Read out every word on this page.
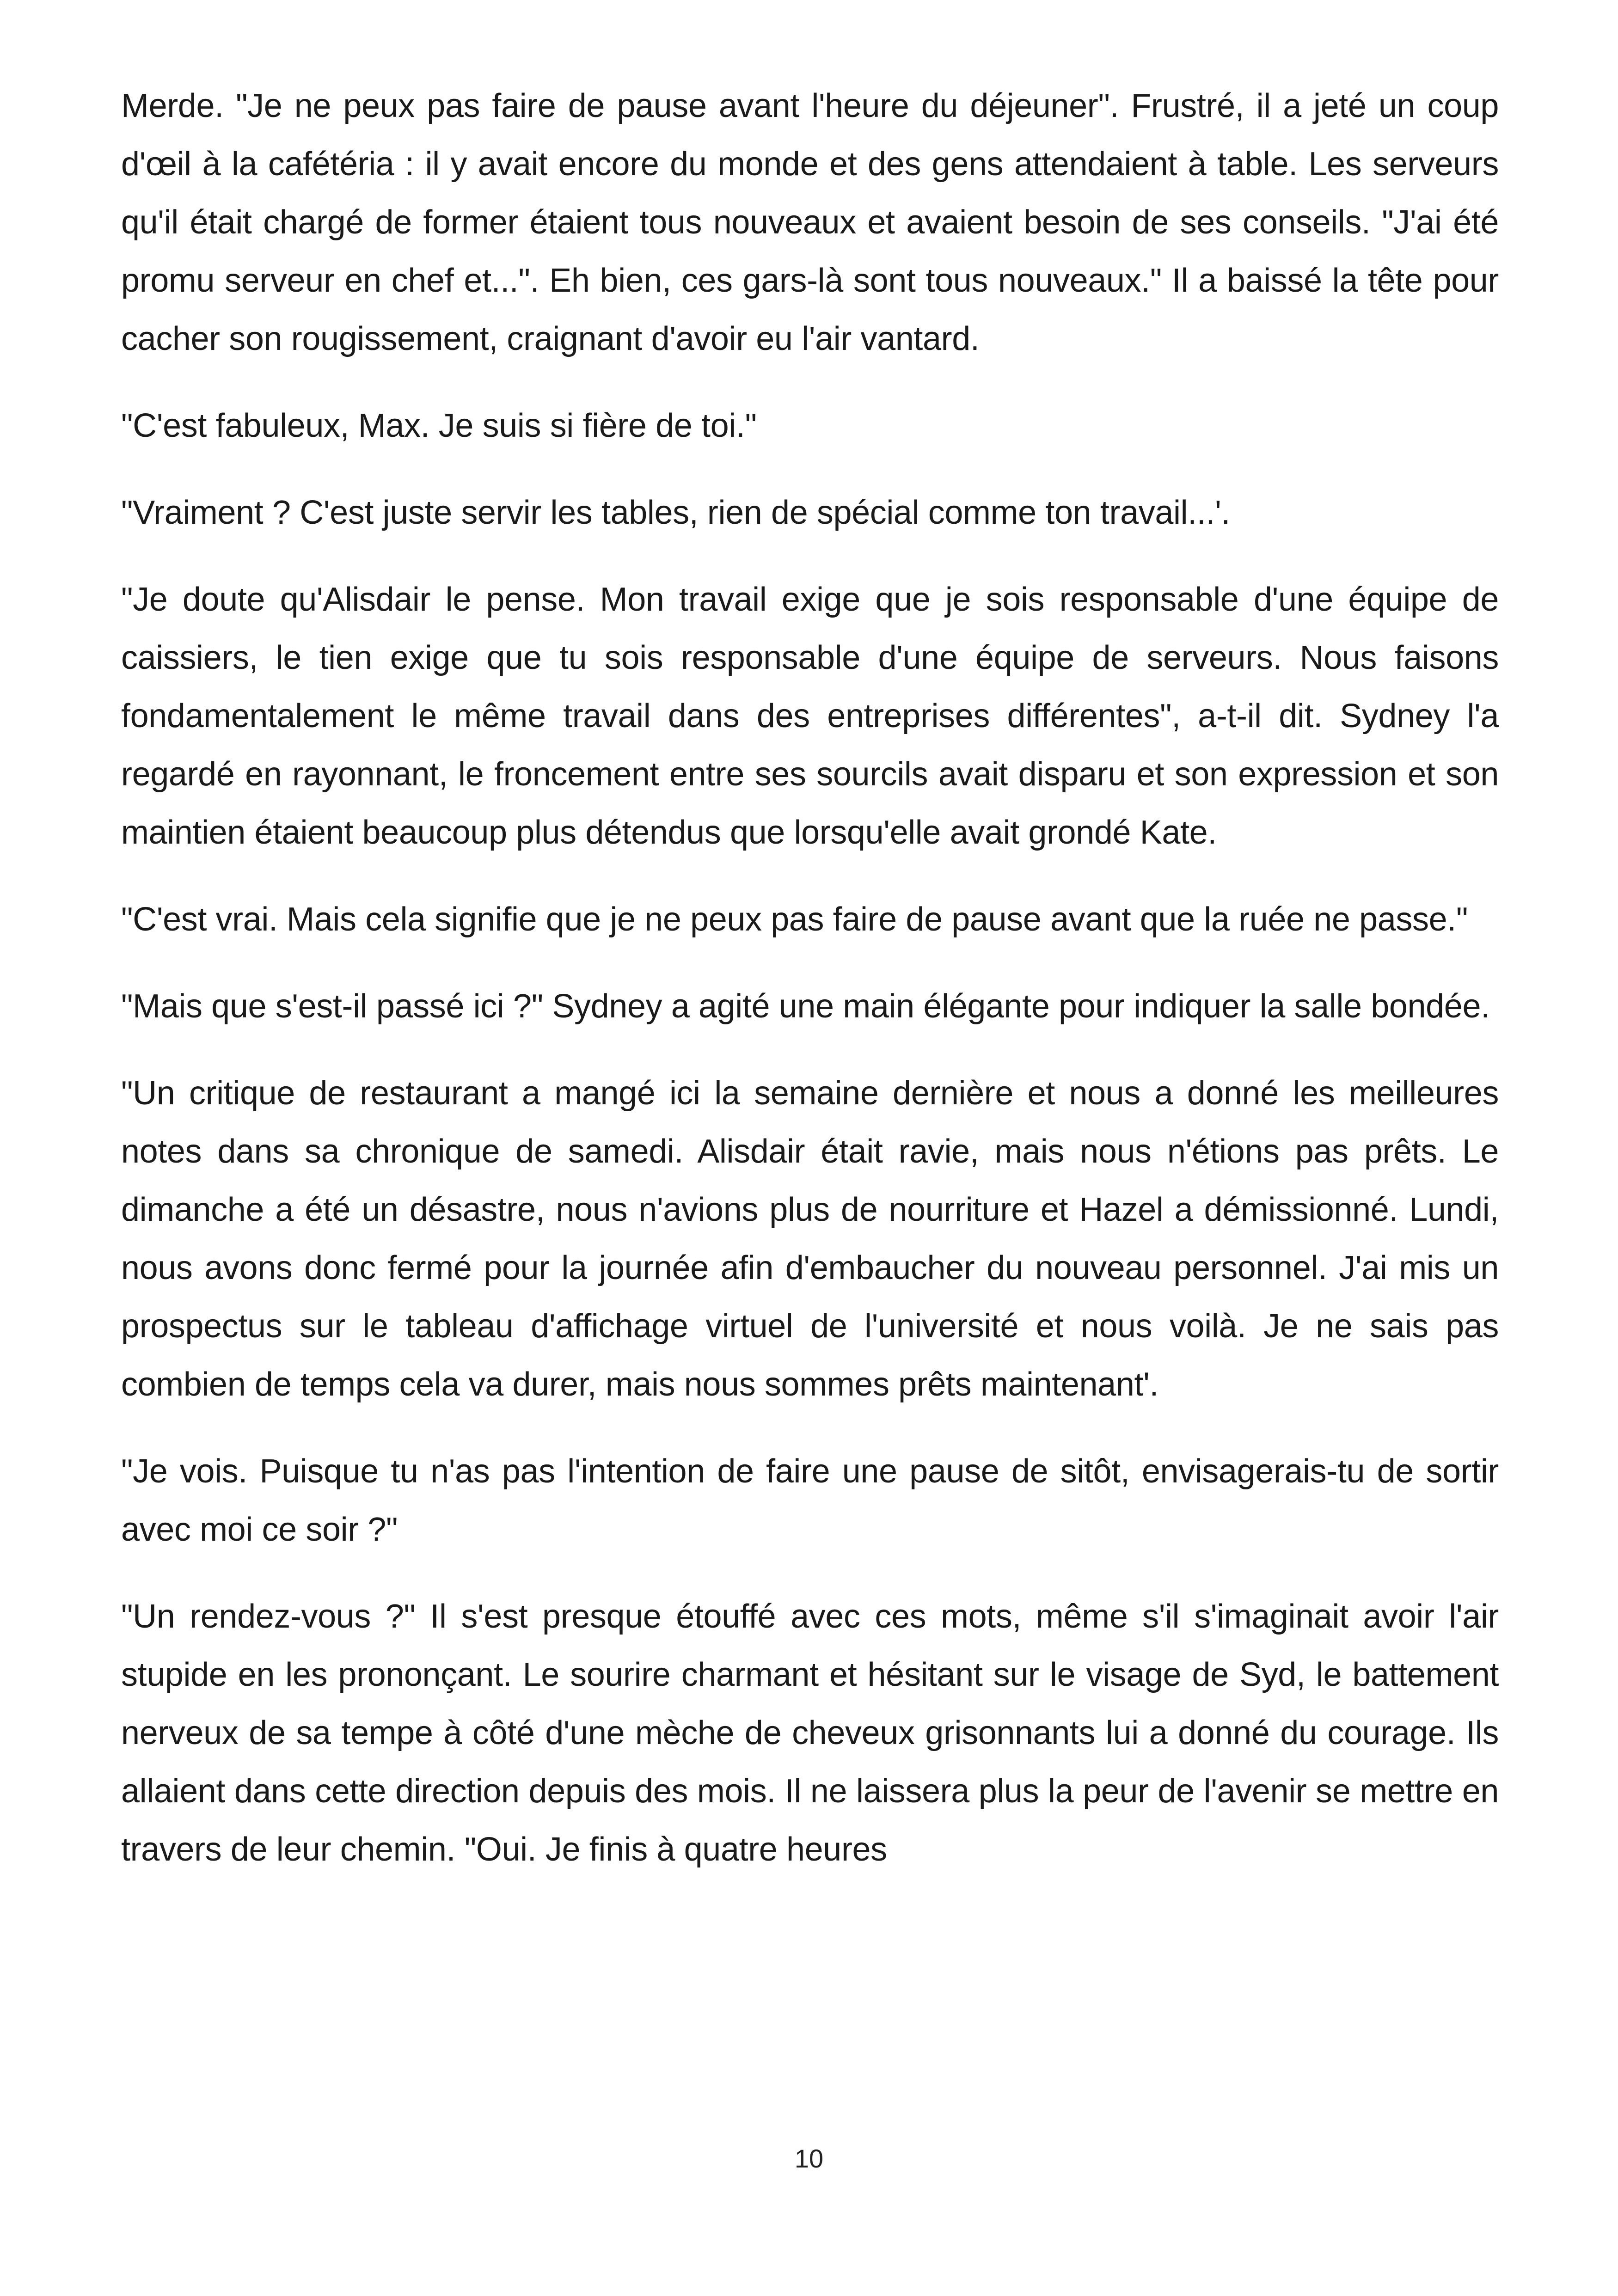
Merde. "Je ne peux pas faire de pause avant l'heure du déjeuner". Frustré, il a jeté un coup d'œil à la cafétéria : il y avait encore du monde et des gens attendaient à table. Les serveurs qu'il était chargé de former étaient tous nouveaux et avaient besoin de ses conseils. "J'ai été promu serveur en chef et...". Eh bien, ces gars-là sont tous nouveaux." Il a baissé la tête pour cacher son rougissement, craignant d'avoir eu l'air vantard.

"C'est fabuleux, Max. Je suis si fière de toi."

"Vraiment ? C'est juste servir les tables, rien de spécial comme ton travail...'.

"Je doute qu'Alisdair le pense. Mon travail exige que je sois responsable d'une équipe de caissiers, le tien exige que tu sois responsable d'une équipe de serveurs. Nous faisons fondamentalement le même travail dans des entreprises différentes", a-t-il dit. Sydney l'a regardé en rayonnant, le froncement entre ses sourcils avait disparu et son expression et son maintien étaient beaucoup plus détendus que lorsqu'elle avait grondé Kate.

"C'est vrai. Mais cela signifie que je ne peux pas faire de pause avant que la ruée ne passe."

"Mais que s'est-il passé ici ?" Sydney a agité une main élégante pour indiquer la salle bondée.

"Un critique de restaurant a mangé ici la semaine dernière et nous a donné les meilleures notes dans sa chronique de samedi. Alisdair était ravie, mais nous n'étions pas prêts. Le dimanche a été un désastre, nous n'avions plus de nourriture et Hazel a démissionné. Lundi, nous avons donc fermé pour la journée afin d'embaucher du nouveau personnel. J'ai mis un prospectus sur le tableau d'affichage virtuel de l'université et nous voilà. Je ne sais pas combien de temps cela va durer, mais nous sommes prêts maintenant'.

"Je vois. Puisque tu n'as pas l'intention de faire une pause de sitôt, envisagerais-tu de sortir avec moi ce soir ?"

"Un rendez-vous ?" Il s'est presque étouffé avec ces mots, même s'il s'imaginait avoir l'air stupide en les prononçant. Le sourire charmant et hésitant sur le visage de Syd, le battement nerveux de sa tempe à côté d'une mèche de cheveux grisonnants lui a donné du courage. Ils allaient dans cette direction depuis des mois. Il ne laissera plus la peur de l'avenir se mettre en travers de leur chemin. "Oui. Je finis à quatre heures

10
